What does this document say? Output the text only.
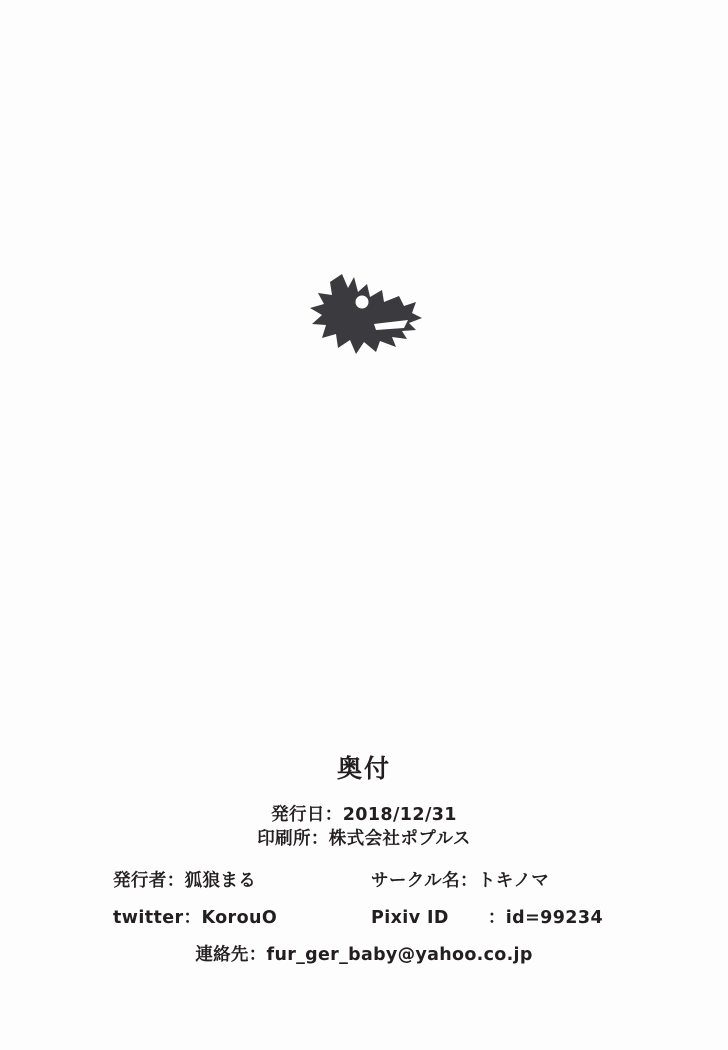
奥付
発行日：2018/12/31
印刷所：株式会社ポプルス
発行者：狐狼まる	サークル名：トキノマ
twitter：KorouO	Pixiv ID ：id=99234
連絡先：fur_ger_baby@yahoo.co.jp
